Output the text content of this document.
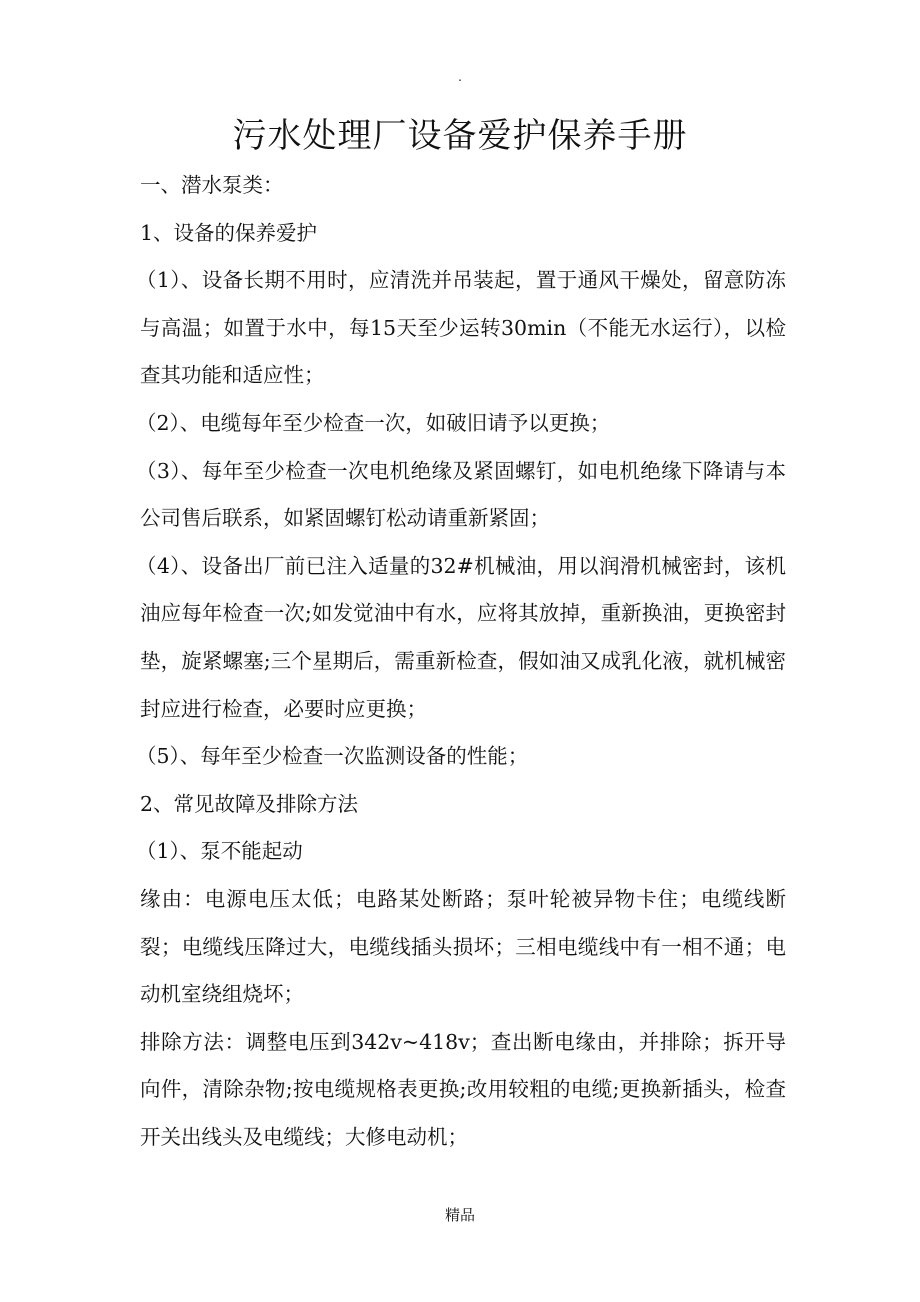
.
污水处理厂设备爱护保养手册

一、潜水泵类：

1、设备的保养爱护

（1）、设备长期不用时，应清洗并吊装起，置于通风干燥处，留意防冻与高温；如置于水中，每15天至少运转30min（不能无水运行），以检查其功能和适应性；

（2）、电缆每年至少检查一次，如破旧请予以更换；

（3）、每年至少检查一次电机绝缘及紧固螺钉，如电机绝缘下降请与本公司售后联系，如紧固螺钉松动请重新紧固；

（4）、设备出厂前已注入适量的32#机械油，用以润滑机械密封，该机油应每年检查一次;如发觉油中有水，应将其放掉，重新换油，更换密封垫，旋紧螺塞;三个星期后，需重新检查，假如油又成乳化液，就机械密封应进行检查，必要时应更换；

（5）、每年至少检查一次监测设备的性能；

2、常见故障及排除方法

（1）、泵不能起动

缘由：电源电压太低；电路某处断路；泵叶轮被异物卡住；电缆线断裂；电缆线压降过大，电缆线插头损坏；三相电缆线中有一相不通；电动机室绕组烧坏；

排除方法：调整电压到342v~418v；查出断电缘由，并排除；拆开导向件，清除杂物;按电缆规格表更换;改用较粗的电缆;更换新插头，检查开关出线头及电缆线；大修电动机；

精品
